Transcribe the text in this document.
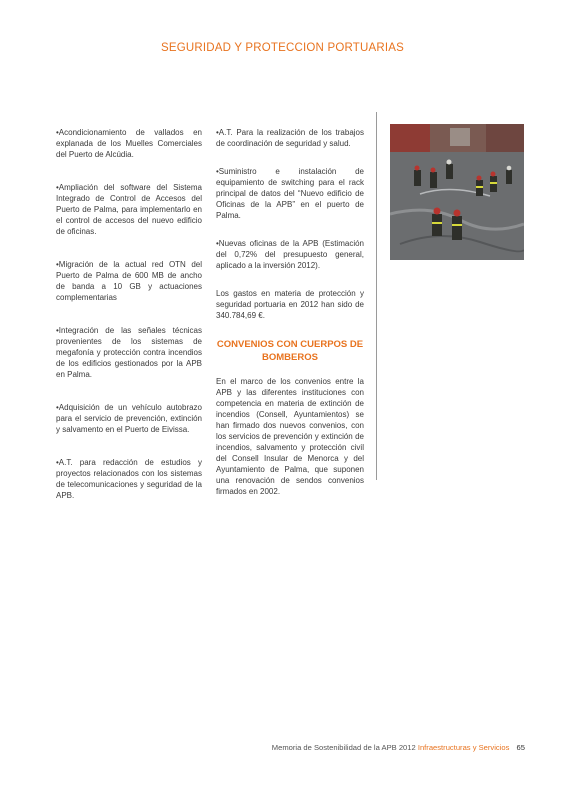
SEGURIDAD Y PROTECCION PORTUARIAS

•Acondicionamiento de vallados en explanada de los Muelles Comerciales del Puerto de Alcúdia.

•Ampliación del software del Sistema Integrado de Control de Accesos del Puerto de Palma, para implementarlo en el control de accesos del nuevo edificio de oficinas.

•Migración de la actual red OTN del Puerto de Palma de 600 MB de ancho de banda a 10 GB y actuaciones complementarias

•Integración de las señales técnicas provenientes de los sistemas de megafonía y protección contra incendios de los edificios gestionados por la APB en Palma.

•Adquisición de un vehículo autobrazo para el servicio de prevención, extinción y salvamento en el Puerto de Eivissa.

•A.T. para redacción de estudios y proyectos relacionados con los sistemas de telecomunicaciones y seguridad de la APB.

•A.T. Para la realización de los trabajos de coordinación de seguridad y salud.

•Suministro e instalación de equipamiento de switching para el rack principal de datos del “Nuevo edificio de Oficinas de la APB” en el puerto de Palma.

•Nuevas oficinas de la APB (Estimación del 0,72% del presupuesto general, aplicado a la inversión 2012).

Los gastos en materia de protección y seguridad portuaria en 2012 han sido de 340.784,69 €.

CONVENIOS CON CUERPOS DE BOMBEROS

En el marco de los convenios entre la APB y las diferentes instituciones con competencia en materia de extinción de incendios (Consell, Ayuntamientos) se han firmado dos nuevos convenios, con los servicios de prevención y extinción de incendios, salvamento y protección civil del Consell Insular de Menorca y del Ayuntamiento de Palma, que suponen una renovación de sendos convenios firmados en 2002.

Memoria de Sostenibilidad de la APB 2012 Infraestructuras y Servicios 65
